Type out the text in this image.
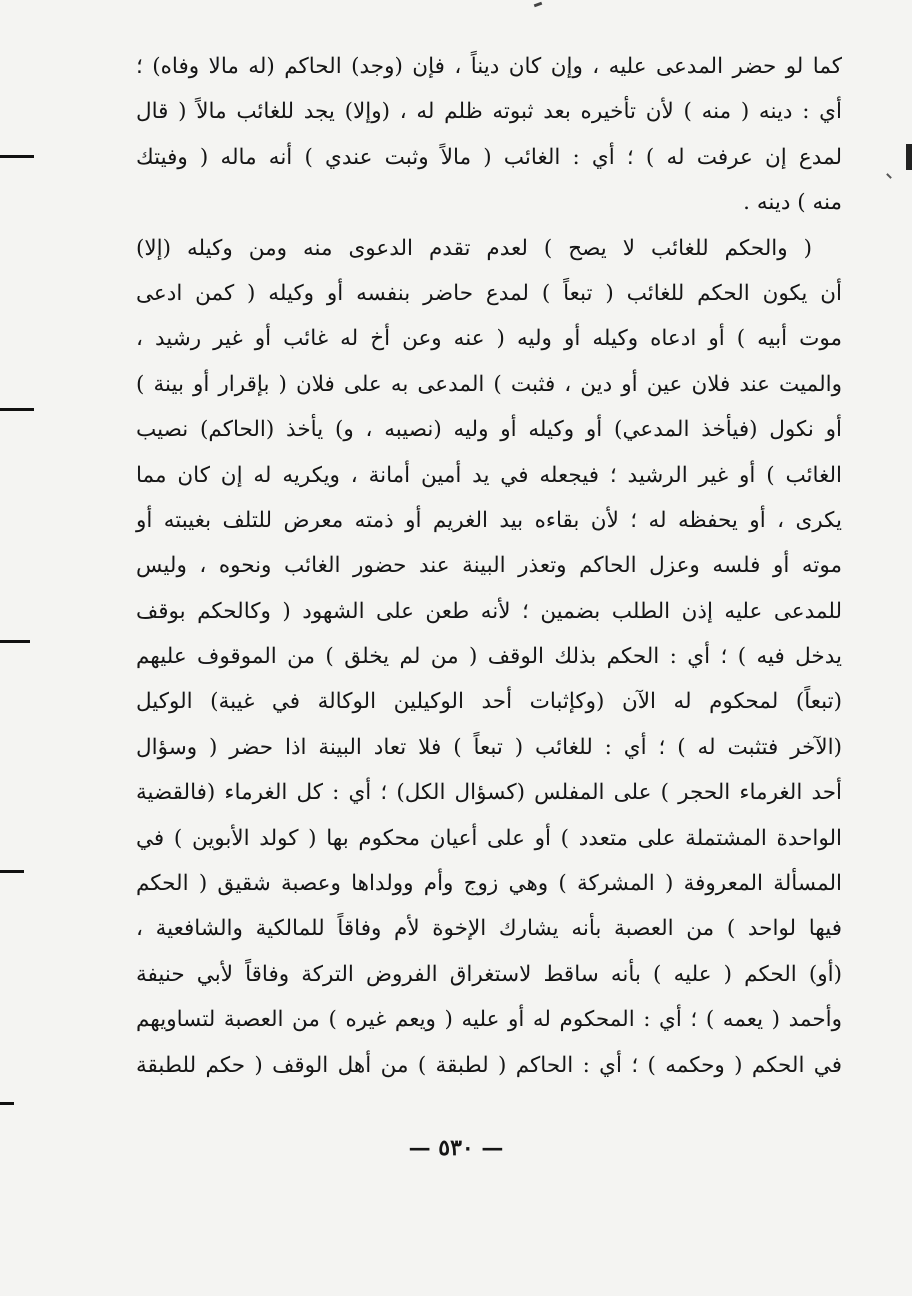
كما لو حضر المدعى عليه ، وإن كان ديناً ، فإن (وجد) الحاكم (له مالا وفاه) ؛
أي : دينه ( منه ) لأن تأخيره بعد ثبوته ظلم له ، (وإلا) يجد للغائب مالاً ( قال
لمدع إن عرفت له ) ؛ أي : الغائب ( مالاً وثبت عندي ) أنه ماله ( وفيتك
منه ) دينه .
( والحكم للغائب لا يصح ) لعدم تقدم الدعوى منه ومن وكيله (إلا)
أن يكون الحكم للغائب ( تبعاً ) لمدع حاضر بنفسه أو وكيله ( كمن ادعى
موت أبيه ) أو ادعاه وكيله أو وليه ( عنه وعن أخ له غائب أو غير رشيد ،
والميت عند فلان عين أو دين ، فثبت ) المدعى به على فلان ( بإقرار أو بينة )
أو نكول (فيأخذ المدعي) أو وكيله أو وليه (نصيبه ، و) يأخذ (الحاكم) نصيب
الغائب ) أو غير الرشيد ؛ فيجعله في يد أمين أمانة ، ويكريه له إن كان مما
يكرى ، أو يحفظه له ؛ لأن بقاءه بيد الغريم أو ذمته معرض للتلف بغيبته أو
موته أو فلسه وعزل الحاكم وتعذر البينة عند حضور الغائب ونحوه ، وليس
للمدعى عليه إذن الطلب بضمين ؛ لأنه طعن على الشهود ( وكالحكم بوقف
يدخل فيه ) ؛ أي : الحكم بذلك الوقف ( من لم يخلق ) من الموقوف عليهم
(تبعاً) لمحكوم له الآن (وكإثبات أحد الوكيلين الوكالة في غيبة) الوكيل
(الآخر فتثبت له ) ؛ أي : للغائب ( تبعاً ) فلا تعاد البينة اذا حضر ( وسؤال
أحد الغرماء الحجر ) على المفلس (كسؤال الكل) ؛ أي : كل الغرماء (فالقضية
الواحدة المشتملة على متعدد ) أو على أعيان محكوم بها ( كولد الأبوين ) في
المسألة المعروفة ( المشركة ) وهي زوج وأم وولداها وعصبة شقيق ( الحكم
فيها لواحد ) من العصبة بأنه يشارك الإخوة لأم وفاقاً للمالكية والشافعية ،
(أو) الحكم ( عليه ) بأنه ساقط لاستغراق الفروض التركة وفاقاً لأبي حنيفة
وأحمد ( يعمه ) ؛ أي : المحكوم له أو عليه ( ويعم غيره ) من العصبة لتساويهم
في الحكم ( وحكمه ) ؛ أي : الحاكم ( لطبقة ) من أهل الوقف ( حكم للطبقة
— ٥٣٠ —
